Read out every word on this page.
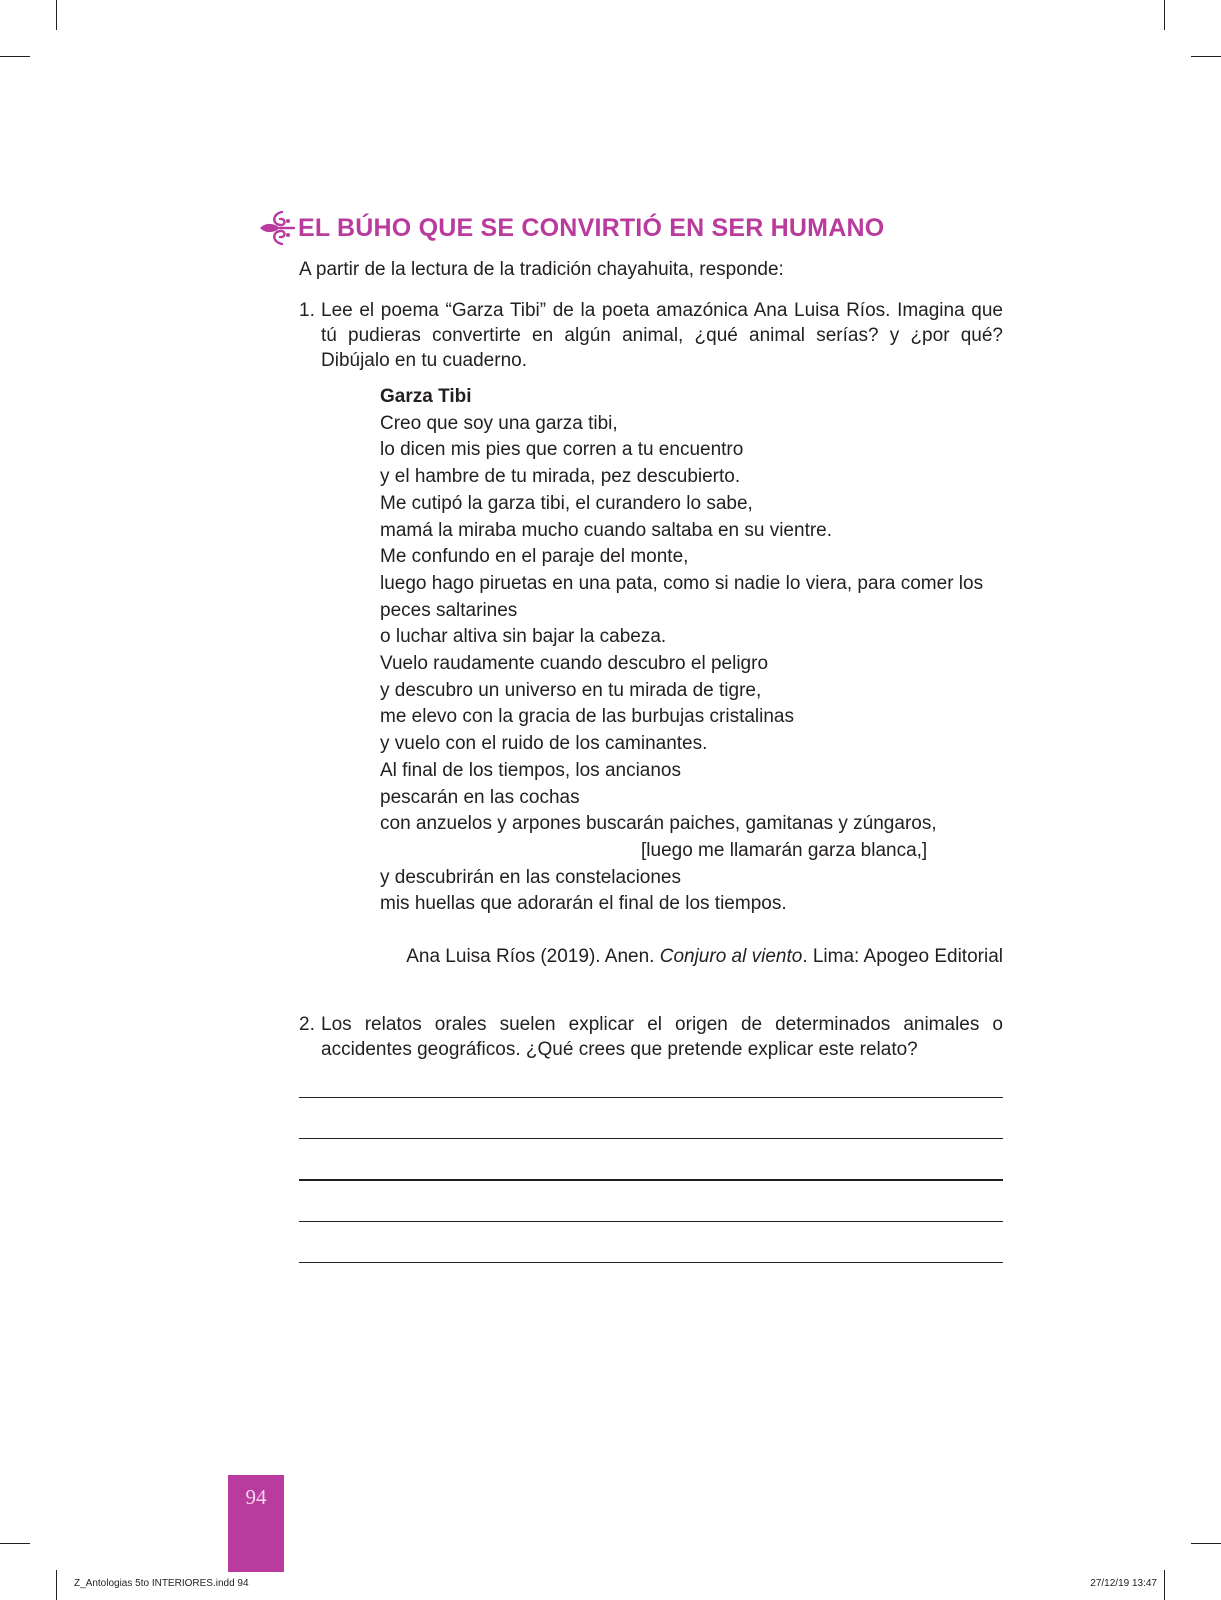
EL BÚHO QUE SE CONVIRTIÓ EN SER HUMANO
A partir de la lectura de la tradición chayahuita, responde:
1. Lee el poema “Garza Tibi” de la poeta amazónica Ana Luisa Ríos. Imagina que tú pudieras convertirte en algún animal, ¿qué animal serías? y ¿por qué? Dibújalo en tu cuaderno.
Garza Tibi
Creo que soy una garza tibi,
lo dicen mis pies que corren a tu encuentro
y el hambre de tu mirada, pez descubierto.
Me cutipó la garza tibi, el curandero lo sabe,
mamá la miraba mucho cuando saltaba en su vientre.
Me confundo en el paraje del monte,
luego hago piruetas en una pata, como si nadie lo viera, para comer los
peces saltarines
o luchar altiva sin bajar la cabeza.
Vuelo raudamente cuando descubro el peligro
y descubro un universo en tu mirada de tigre,
me elevo con la gracia de las burbujas cristalinas
y vuelo con el ruido de los caminantes.
Al final de los tiempos, los ancianos
pescarán en las cochas
con anzuelos y arpones buscarán paiches, gamitanas y zúngaros,
[luego me llamarán garza blanca,]
y descubrirán en las constelaciones
mis huellas que adorarán el final de los tiempos.
Ana Luisa Ríos (2019). Anen. Conjuro al viento. Lima: Apogeo Editorial
2. Los relatos orales suelen explicar el origen de determinados animales o accidentes geográficos. ¿Qué crees que pretende explicar este relato?
94
Z_Antologias 5to INTERIORES.indd 94	27/12/19 13:47
